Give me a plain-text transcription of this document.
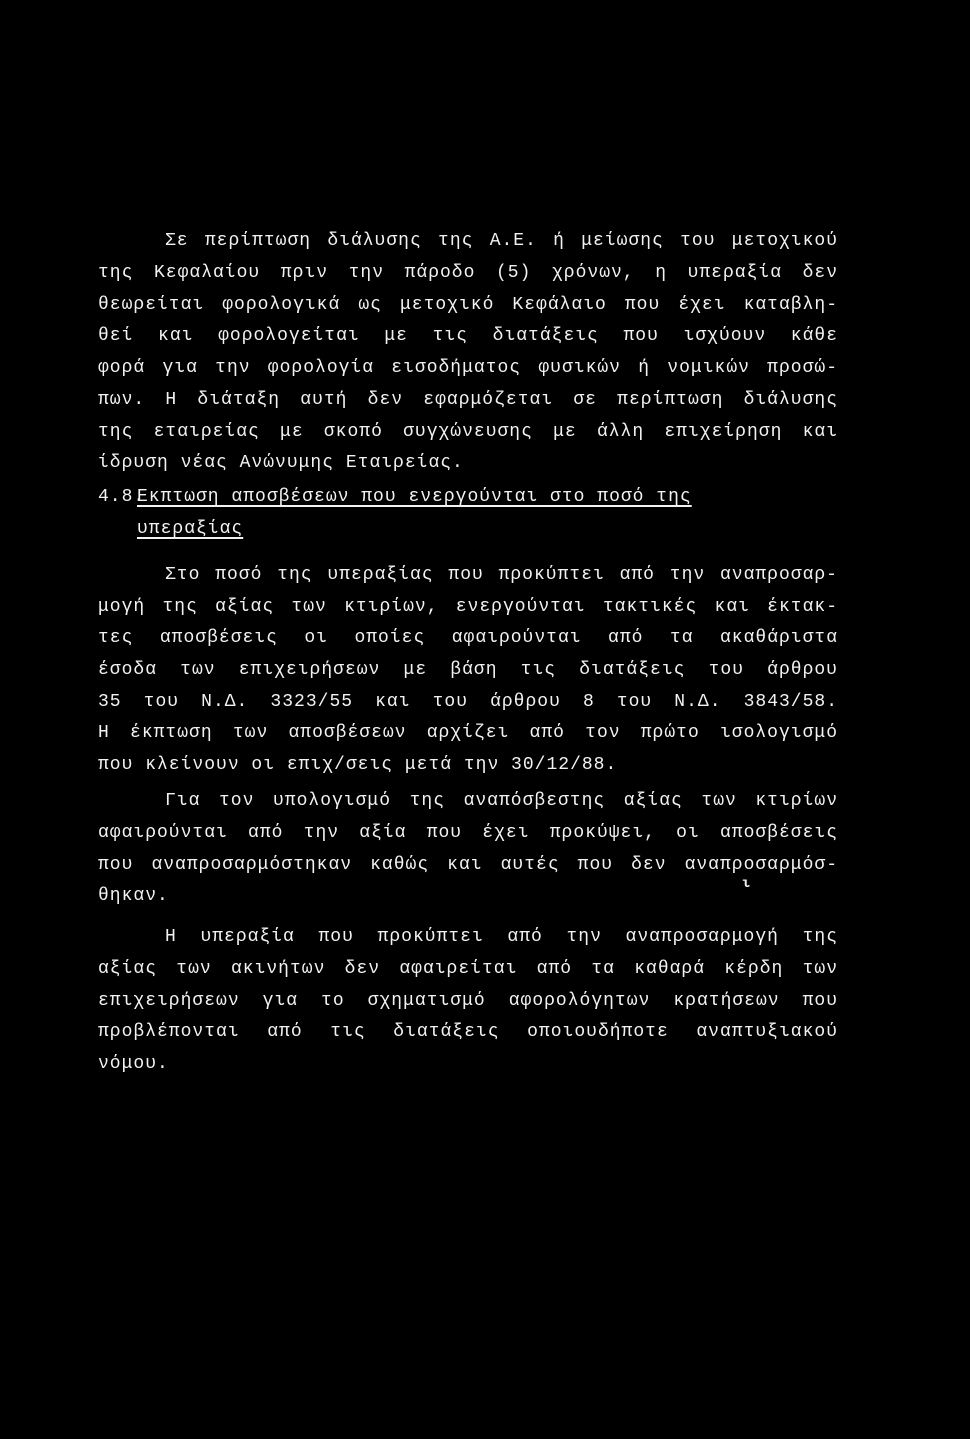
Σε περίπτωση διάλυσης της Α.Ε. ή μείωσης του μετοχικού
της Κεφαλαίου πριν την πάροδο (5) χρόνων, η υπεραξία δεν
θεωρείται φορολογικά ως μετοχικό Κεφάλαιο που έχει καταβλη-
θεί και φορολογείται με τις διατάξεις που ισχύουν κάθε
φορά για την φορολογία εισοδήματος φυσικών ή νομικών προσώ-
πων. Η διάταξη αυτή δεν εφαρμόζεται σε περίπτωση διάλυσης
της εταιρείας με σκοπό συγχώνευσης με άλλη επιχείρηση και
ίδρυση νέας Ανώνυμης Εταιρείας.
4.8.
Εκπτωση αποσβέσεων που ενεργούνται στο ποσό της
υπεραξίας
Στο ποσό της υπεραξίας που προκύπτει από την αναπροσαρ-
μογή της αξίας των κτιρίων, ενεργούνται τακτικές και έκτακ-
τες αποσβέσεις οι οποίες αφαιρούνται από τα ακαθάριστα
έσοδα των επιχειρήσεων με βάση τις διατάξεις του άρθρου
35 του Ν.Δ. 3323/55 και του άρθρου 8 του Ν.Δ. 3843/58.
Η έκπτωση των αποσβέσεων αρχίζει από τον πρώτο ισολογισμό
που κλείνουν οι επιχ/σεις μετά την 30/12/88.
Για τον υπολογισμό της αναπόσβεστης αξίας των κτιρίων
αφαιρούνται από την αξία που έχει προκύψει, οι αποσβέσεις
που αναπροσαρμόστηκαν καθώς και αυτές που δεν αναπροσαρμόσ-
θηκαν.
ι
Η υπεραξία που προκύπτει από την αναπροσαρμογή της
αξίας των ακινήτων δεν αφαιρείται από τα καθαρά κέρδη των
επιχειρήσεων για το σχηματισμό αφορολόγητων κρατήσεων που
προβλέπονται από τις διατάξεις οποιουδήποτε αναπτυξιακού
νόμου.
